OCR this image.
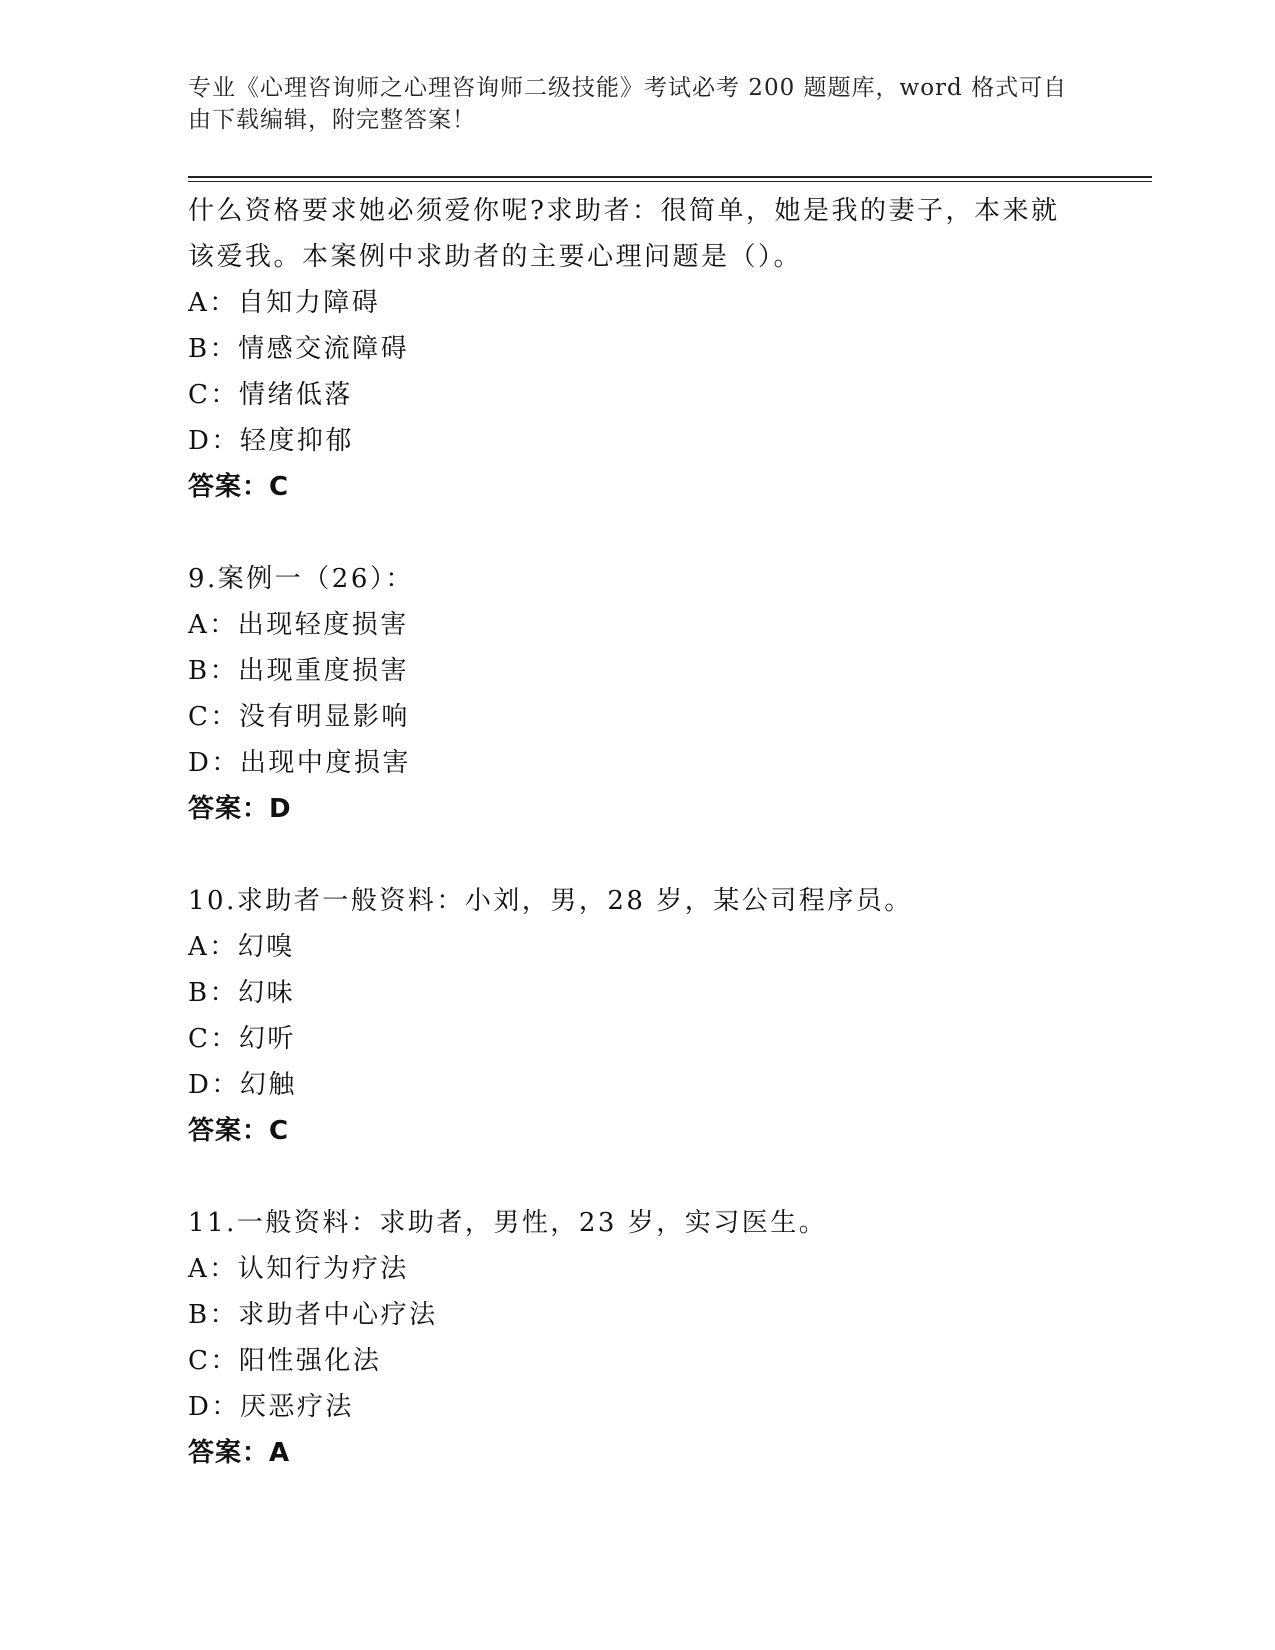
专业《心理咨询师之心理咨询师二级技能》考试必考 200 题题库，word 格式可自
由下载编辑，附完整答案！
什么资格要求她必须爱你呢?求助者：很简单，她是我的妻子，本来就
该爱我。本案例中求助者的主要心理问题是（）。
A：自知力障碍
B：情感交流障碍
C：情绪低落
D：轻度抑郁
答案：C
9.案例一（26）：
A：出现轻度损害
B：出现重度损害
C：没有明显影响
D：出现中度损害
答案：D
10.求助者一般资料：小刘，男，28 岁，某公司程序员。
A：幻嗅
B：幻味
C：幻听
D：幻触
答案：C
11.一般资料：求助者，男性，23 岁，实习医生。
A：认知行为疗法
B：求助者中心疗法
C：阳性强化法
D：厌恶疗法
答案：A
